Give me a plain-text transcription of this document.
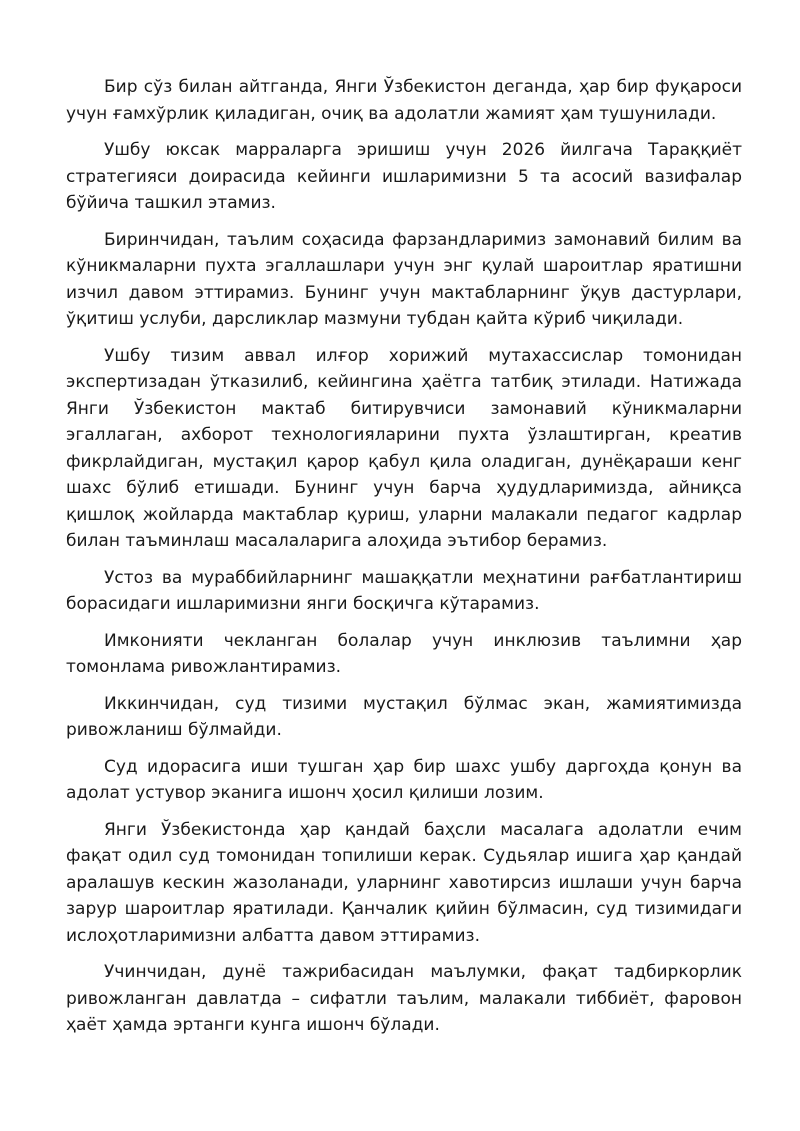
Бир сўз билан айтганда, Янги Ўзбекистон деганда, ҳар бир фуқароси учун ғамхўрлик қиладиган, очиқ ва адолатли жамият ҳам тушунилади.

Ушбу юксак марраларга эришиш учун 2026 йилгача Тараққиёт стратегияси доирасида кейинги ишларимизни 5 та асосий вазифалар бўйича ташкил этамиз.

Биринчидан, таълим соҳасида фарзандларимиз замонавий билим ва кўникмаларни пухта эгаллашлари учун энг қулай шароитлар яратишни изчил давом эттирамиз. Бунинг учун мактабларнинг ўқув дастурлари, ўқитиш услуби, дарсликлар мазмуни тубдан қайта кўриб чиқилади.

Ушбу тизим аввал илғор хорижий мутахассислар томонидан экспертизадан ўтказилиб, кейингина ҳаётга татбиқ этилади. Натижада Янги Ўзбекистон мактаб битирувчиси замонавий кўникмаларни эгаллаган, ахборот технологияларини пухта ўзлаштирган, креатив фикрлайдиган, мустақил қарор қабул қила оладиган, дунёқараши кенг шахс бўлиб етишади. Бунинг учун барча ҳудудларимизда, айниқса қишлоқ жойларда мактаблар қуриш, уларни малакали педагог кадрлар билан таъминлаш масалаларига алоҳида эътибор берамиз.

Устоз ва мураббийларнинг машаққатли меҳнатини рағбатлантириш борасидаги ишларимизни янги босқичга кўтарамиз.

Имконияти чекланган болалар учун инклюзив таълимни ҳар томонлама ривожлантирамиз.

Иккинчидан, суд тизими мустақил бўлмас экан, жамиятимизда ривожланиш бўлмайди.

Суд идорасига иши тушган ҳар бир шахс ушбу даргоҳда қонун ва адолат устувор эканига ишонч ҳосил қилиши лозим.

Янги Ўзбекистонда ҳар қандай баҳсли масалага адолатли ечим фақат одил суд томонидан топилиши керак. Судьялар ишига ҳар қандай аралашув кескин жазоланади, уларнинг хавотирсиз ишлаши учун барча зарур шароитлар яратилади. Қанчалик қийин бўлмасин, суд тизимидаги ислоҳотларимизни албатта давом эттирамиз.

Учинчидан, дунё тажрибасидан маълумки, фақат тадбиркорлик ривожланган давлатда – сифатли таълим, малакали тиббиёт, фаровон ҳаёт ҳамда эртанги кунга ишонч бўлади.
